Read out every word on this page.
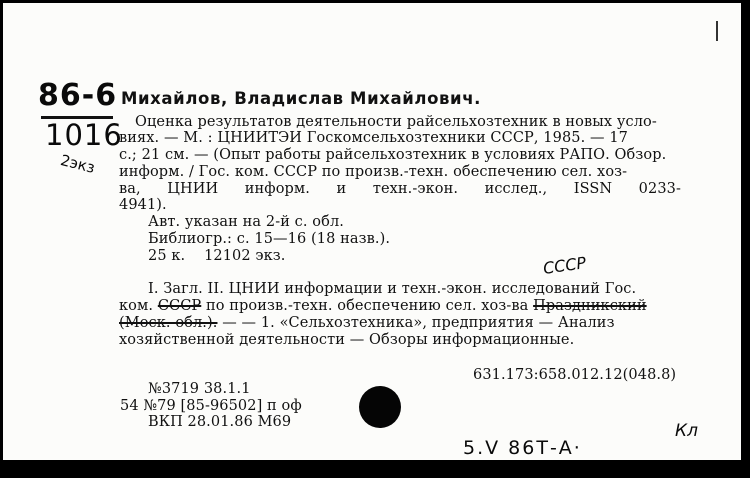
86-6
1016
2экз
Михайлов, Владислав Михайлович.
Оценка результатов деятельности райсельхозтехник в новых усло-
виях. — М. : ЦНИИТЭИ Госкомсельхозтехники СССР, 1985. — 17
с.; 21 см. — (Опыт работы райсельхозтехник в условиях РАПО. Обзор.
информ. / Гос. ком. СССР по произв.-техн. обеспечению сел. хоз-
ва, ЦНИИ информ. и техн.-экон. исслед., ISSN 0233-
4941).
Авт. указан на 2-й с. обл.
Библиогр.: с. 15—16 (18 назв.).
25 к.    12102 экз.	СССР
I. Загл. II. ЦНИИ информации и техн.-экон. исследований Гос.
ком. СССР по произв.-техн. обеспечению сел. хоз-ва Праздникский
(Моск. обл.). — — 1. «Сельхозтехника», предприятия — Анализ
хозяйственной деятельности — Обзоры информационные.
631.173:658.012.12(048.8)
№3719 38.1.1
54 №79 [85-96502] п оф
ВКП 28.01.86 М69	Кл
5.Ⅴ 86Т-А·
